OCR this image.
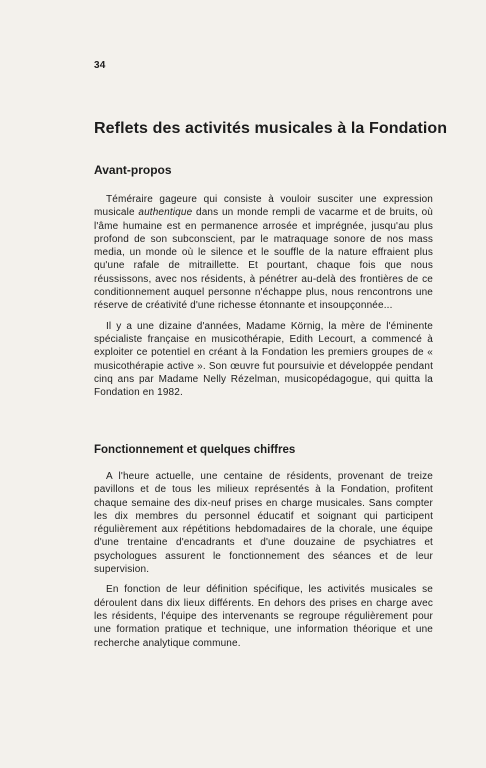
34
Reflets des activités musicales à la Fondation
Avant-propos

Téméraire gageure qui consiste à vouloir susciter une expression musicale authentique dans un monde rempli de vacarme et de bruits, où l'âme humaine est en permanence arrosée et imprégnée, jusqu'au plus profond de son subconscient, par le matraquage sonore de nos mass media, un monde où le silence et le souffle de la nature effraient plus qu'une rafale de mitraillette. Et pourtant, chaque fois que nous réussissons, avec nos résidents, à pénétrer au-delà des frontières de ce conditionnement auquel personne n'échappe plus, nous rencontrons une réserve de créativité d'une richesse étonnante et insoupçonnée...

Il y a une dizaine d'années, Madame Körnig, la mère de l'éminente spécialiste française en musicothérapie, Edith Lecourt, a commencé à exploiter ce potentiel en créant à la Fondation les premiers groupes de « musicothérapie active ». Son œuvre fut poursuivie et développée pendant cinq ans par Madame Nelly Rézelman, musicopédagogue, qui quitta la Fondation en 1982.

Fonctionnement et quelques chiffres

A l'heure actuelle, une centaine de résidents, provenant de treize pavillons et de tous les milieux représentés à la Fondation, profitent chaque semaine des dix-neuf prises en charge musicales. Sans compter les dix membres du personnel éducatif et soignant qui participent régulièrement aux répétitions hebdomadaires de la chorale, une équipe d'une trentaine d'encadrants et d'une douzaine de psychiatres et psychologues assurent le fonctionnement des séances et de leur supervision.

En fonction de leur définition spécifique, les activités musicales se déroulent dans dix lieux différents. En dehors des prises en charge avec les résidents, l'équipe des intervenants se regroupe régulièrement pour une formation pratique et technique, une information théorique et une recherche analytique commune.
